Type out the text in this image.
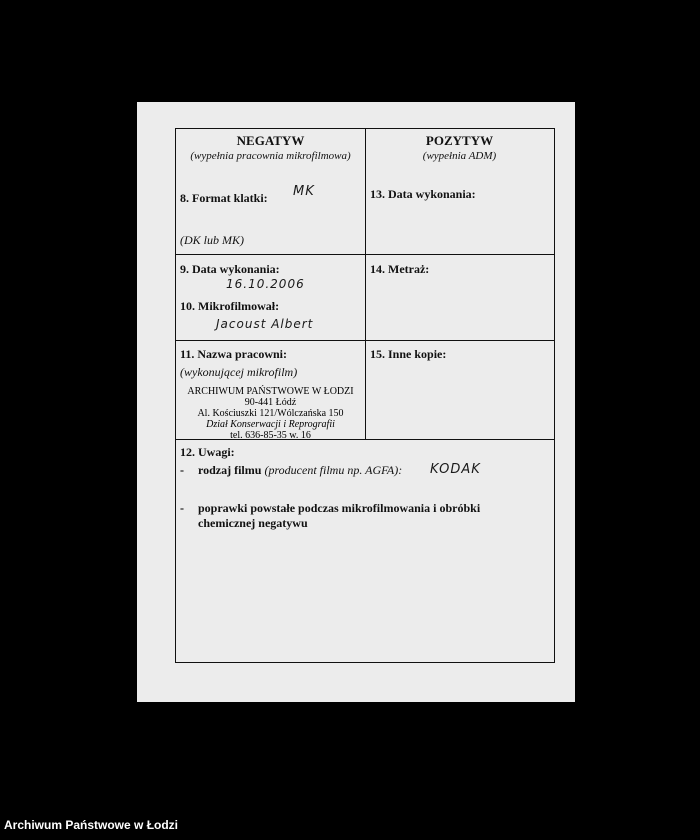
NEGATYW
(wypełnia pracownia mikrofilmowa)
8. Format klatki: MK
(DK lub MK)
POZYTYW
(wypełnia ADM)
13. Data wykonania:
9. Data wykonania:
16.10.2006
10. Mikrofilmował:
Jacoust Albert
14. Metraż:
11. Nazwa pracowni:
(wykonującej mikrofilm)
ARCHIWUM PAŃSTWOWE W ŁODZI
90-441 Łódź
Al. Kościuszki 121/Wólczańska 150
Dział Konserwacji i Reprografii
tel. 636-85-35 w. 16
15. Inne kopie:
12. Uwagi:
- rodzaj filmu (producent filmu np. AGFA): KODAK
- poprawki powstałe podczas mikrofilmowania i obróbki
chemicznej negatywu
Archiwum Państwowe w Łodzi
